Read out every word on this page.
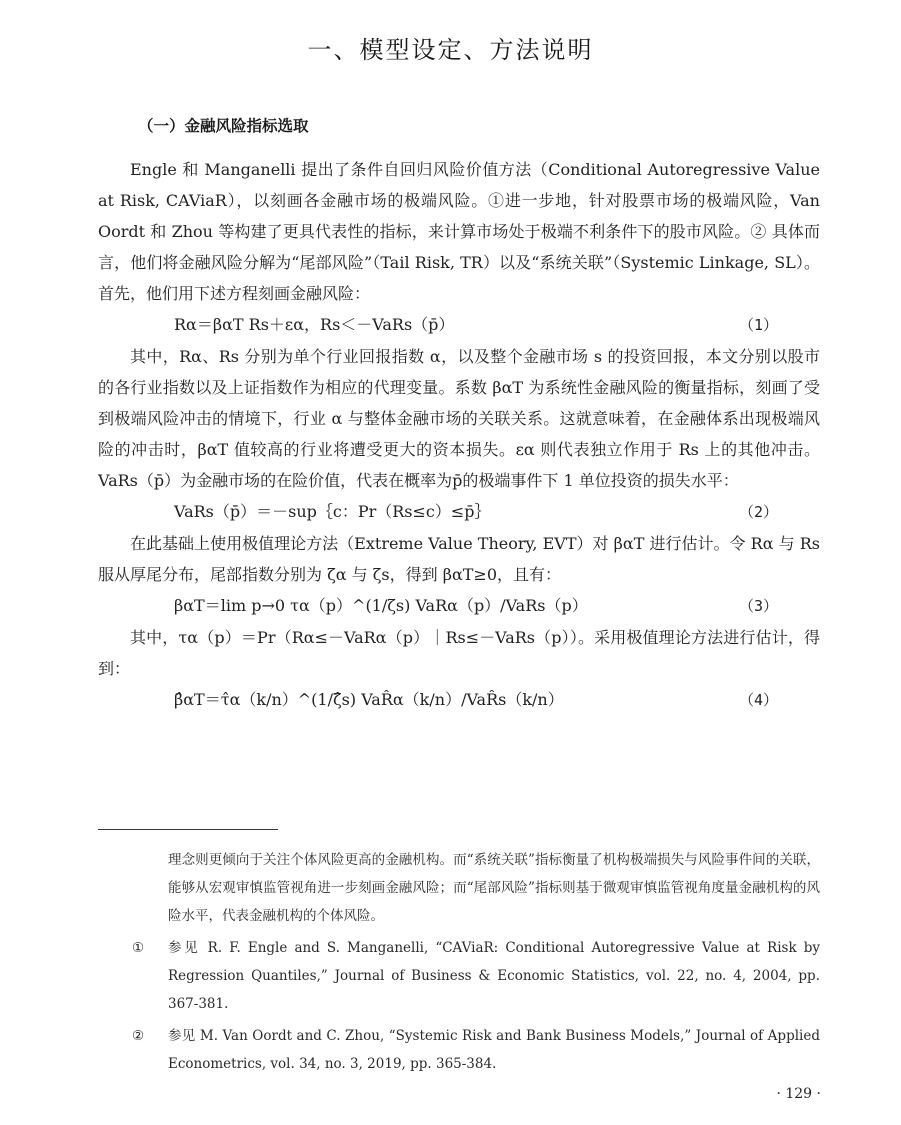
一、模型设定、方法说明
（一）金融风险指标选取

Engle 和 Manganelli 提出了条件自回归风险价值方法（Conditional Autoregressive Value at Risk, CAViaR），以刻画各金融市场的极端风险。①进一步地，针对股票市场的极端风险，Van Oordt 和 Zhou 等构建了更具代表性的指标，来计算市场处于极端不利条件下的股市风险。② 具体而言，他们将金融风险分解为“尾部风险”（Tail Risk, TR）以及“系统关联”（Systemic Linkage, SL）。首先，他们用下述方程刻画金融风险：

Rα＝βαT Rs＋εα，Rs＜－VaRs（p̄）	（1）

其中，Rα、Rs 分别为单个行业回报指数 α，以及整个金融市场 s 的投资回报，本文分别以股市的各行业指数以及上证指数作为相应的代理变量。系数 βαT 为系统性金融风险的衡量指标，刻画了受到极端风险冲击的情境下，行业 α 与整体金融市场的关联关系。这就意味着，在金融体系出现极端风险的冲击时，βαT 值较高的行业将遭受更大的资本损失。εα 则代表独立作用于 Rs 上的其他冲击。VaRs（p̄）为金融市场的在险价值，代表在概率为p̄的极端事件下 1 单位投资的损失水平：

VaRs（p̄）＝－sup｛c：Pr（Rs≤c）≤p̄｝	（2）

在此基础上使用极值理论方法（Extreme Value Theory, EVT）对 βαT 进行估计。令 Rα 与 Rs 服从厚尾分布，尾部指数分别为 ζα 与 ζs，得到 βαT≥0，且有：

βαT＝lim p→0 τα（p）^(1/ζs) VaRα（p）/VaRs（p）	（3）

其中，τα（p）＝Pr（Rα≤－VaRα（p）｜Rs≤－VaRs（p））。采用极值理论方法进行估计，得到：

β̂αT＝τ̂α（k/n）^(1/ζ̂s) VaR̂α（k/n）/VaR̂s（k/n）	（4）

理念则更倾向于关注个体风险更高的金融机构。而“系统关联”指标衡量了机构极端损失与风险事件间的关联，能够从宏观审慎监管视角进一步刻画金融风险；而“尾部风险”指标则基于微观审慎监管视角度量金融机构的风险水平，代表金融机构的个体风险。

① 参见 R. F. Engle and S. Manganelli, “CAViaR: Conditional Autoregressive Value at Risk by Regression Quantiles,” Journal of Business & Economic Statistics, vol. 22, no. 4, 2004, pp. 367-381.

② 参见 M. Van Oordt and C. Zhou, “Systemic Risk and Bank Business Models,” Journal of Applied Econometrics, vol. 34, no. 3, 2019, pp. 365-384.

· 129 ·
